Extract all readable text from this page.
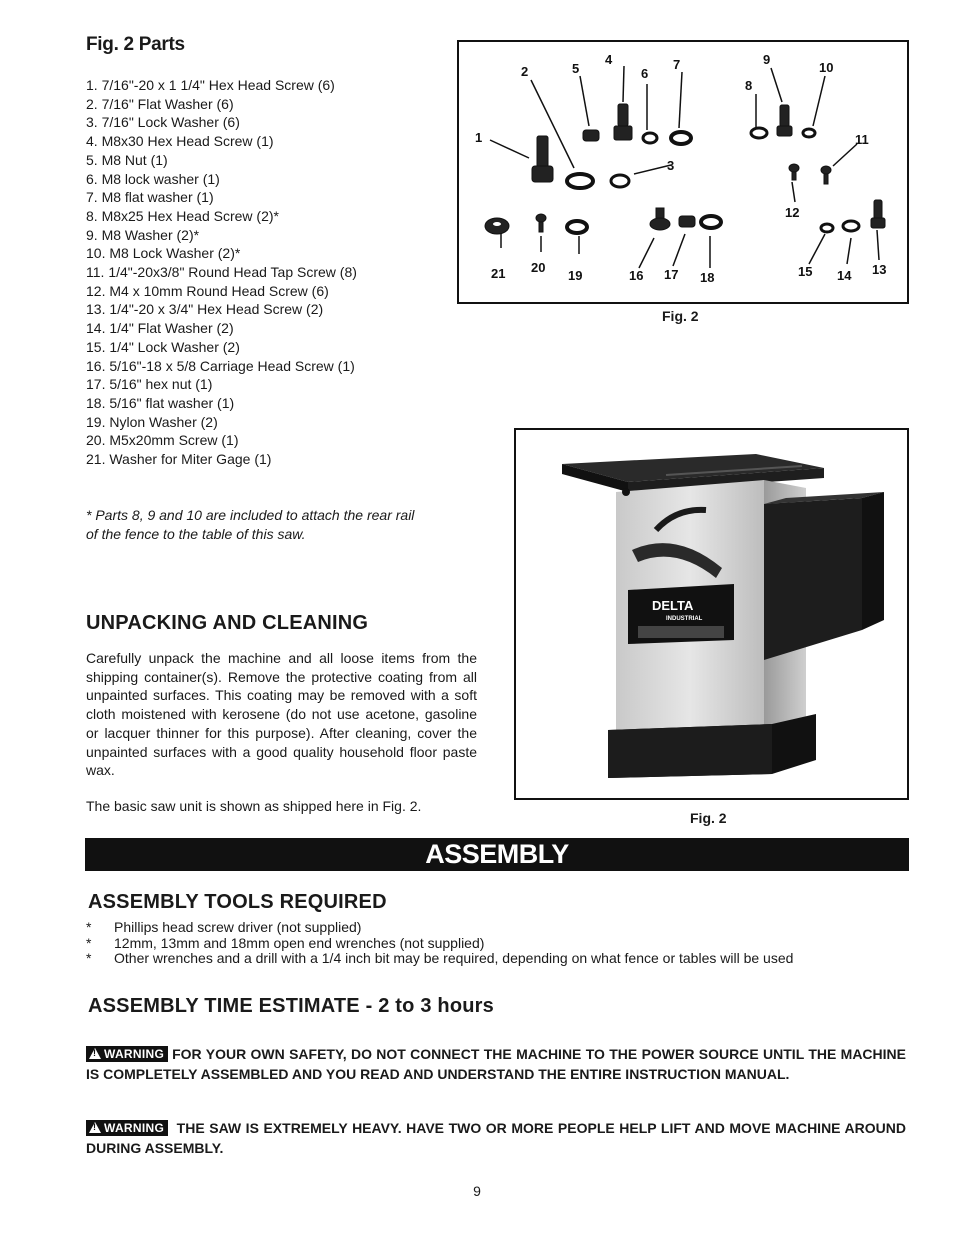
Fig. 2 Parts
1. 7/16"-20 x 1 1/4" Hex Head Screw (6)
2. 7/16" Flat Washer (6)
3. 7/16" Lock Washer (6)
4. M8x30 Hex Head Screw (1)
5. M8 Nut (1)
6. M8 lock washer (1)
7. M8 flat washer (1)
8. M8x25 Hex Head Screw (2)*
9. M8 Washer (2)*
10. M8 Lock Washer (2)*
11. 1/4"-20x3/8" Round Head Tap Screw (8)
12. M4 x 10mm Round Head Screw (6)
13. 1/4"-20 x 3/4" Hex Head Screw (2)
14. 1/4" Flat Washer (2)
15. 1/4" Lock Washer (2)
16. 5/16"-18 x 5/8 Carriage Head Screw (1)
17. 5/16" hex nut (1)
18. 5/16" flat washer (1)
19. Nylon Washer (2)
20. M5x20mm Screw (1)
21. Washer for Miter Gage (1)
* Parts 8, 9 and 10 are included to attach the rear rail of the fence to the table of this saw.
1
2
3
4
5	6
7
8
9
10
11
12
13
14
15
16 17 18
19
20
21
Fig. 2
DELTA
INDUSTRIAL
Fig. 2
UNPACKING AND CLEANING
Carefully unpack the machine and all loose items from the shipping container(s). Remove the protective coating from all unpainted surfaces. This coating may be removed with a soft cloth moistened with kerosene (do not use acetone, gasoline or lacquer thinner for this purpose). After cleaning, cover the unpainted surfaces with a good quality household floor paste wax.
The basic saw unit is shown as shipped here in Fig. 2.
ASSEMBLY
ASSEMBLY TOOLS REQUIRED
* Phillips head screw driver (not supplied)
* 12mm, 13mm and 18mm open end wrenches (not supplied)
* Other wrenches and a drill with a 1/4 inch bit may be required, depending on what fence or tables will be used
ASSEMBLY TIME ESTIMATE - 2 to 3 hours
!WARNING FOR YOUR OWN SAFETY, DO NOT CONNECT THE MACHINE TO THE POWER SOURCE UNTIL THE MACHINE IS COMPLETELY ASSEMBLED AND YOU READ AND UNDERSTAND THE ENTIRE INSTRUCTION MANUAL.
!WARNING THE SAW IS EXTREMELY HEAVY. HAVE TWO OR MORE PEOPLE HELP LIFT AND MOVE MACHINE AROUND DURING ASSEMBLY.
9
